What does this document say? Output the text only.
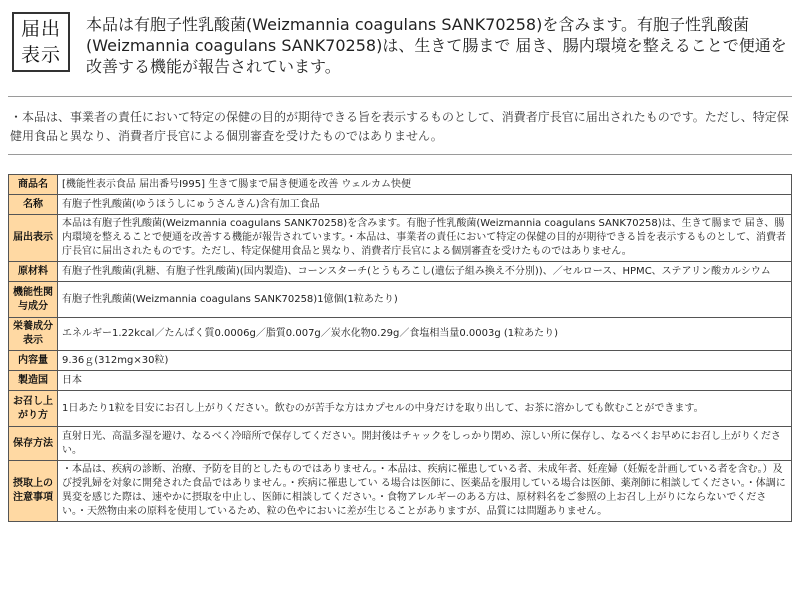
届出
表示
本品は有胞子性乳酸菌(Weizmannia coagulans SANK70258)を含みます。有胞子性乳酸菌(Weizmannia coagulans SANK70258)は、生きて腸まで 届き、腸内環境を整えることで便通を改善する機能が報告されています。
・本品は、事業者の責任において特定の保健の目的が期待できる旨を表示するものとして、消費者庁長官に届出されたものです。ただし、特定保健用食品と異なり、消費者庁長官による個別審査を受けたものではありません。
商品名	[機能性表示食品 届出番号I995] 生きて腸まで届き便通を改善 ウェルカム快便
名称	有胞子性乳酸菌(ゆうほうしにゅうさんきん)含有加工食品
届出表示	本品は有胞子性乳酸菌(Weizmannia coagulans SANK70258)を含みます。有胞子性乳酸菌(Weizmannia coagulans SANK70258)は、生きて腸まで 届き、腸内環境を整えることで便通を改善する機能が報告されています。・本品は、事業者の責任において特定の保健の目的が期待できる旨を表示するものとして、消費者庁長官に届出されたものです。ただし、特定保健用食品と異なり、消費者庁長官による個別審査を受けたものではありません。
原材料	有胞子性乳酸菌(乳糖、有胞子性乳酸菌)(国内製造)、コーンスターチ(とうもろこし(遺伝子組み換え不分別))、／セルロース、HPMC、ステアリン酸カルシウム
機能性関与成分	有胞子性乳酸菌(Weizmannia coagulans SANK70258)1億個(1粒あたり)
栄養成分表示	エネルギー1.22kcal／たんぱく質0.0006g／脂質0.007g／炭水化物0.29g／食塩相当量0.0003g (1粒あたり)
内容量	9.36ｇ(312mg×30粒)
製造国	日本
お召し上がり方	1日あたり1粒を目安にお召し上がりください。飲むのが苦手な方はカプセルの中身だけを取り出して、お茶に溶かしても飲むことができます。
保存方法	直射日光、高温多湿を避け、なるべく冷暗所で保存してください。開封後はチャックをしっかり閉め、涼しい所に保存し、なるべくお早めにお召し上がりください。
摂取上の注意事項	・本品は、疾病の診断、治療、予防を目的としたものではありません。・本品は、疾病に罹患している者、未成年者、妊産婦（妊娠を計画している者を含む。）及び授乳婦を対象に開発された食品ではありません。・疾病に罹患してい る場合は医師に、医薬品を服用している場合は医師、薬剤師に相談してください。・体調に異変を感じた際は、速やかに摂取を中止し、医師に相談してください。・食物アレルギーのある方は、原材料名をご参照の上お召し上がりにならないでください。・天然物由来の原料を使用しているため、粒の色やにおいに差が生じることがありますが、品質には問題ありません。
